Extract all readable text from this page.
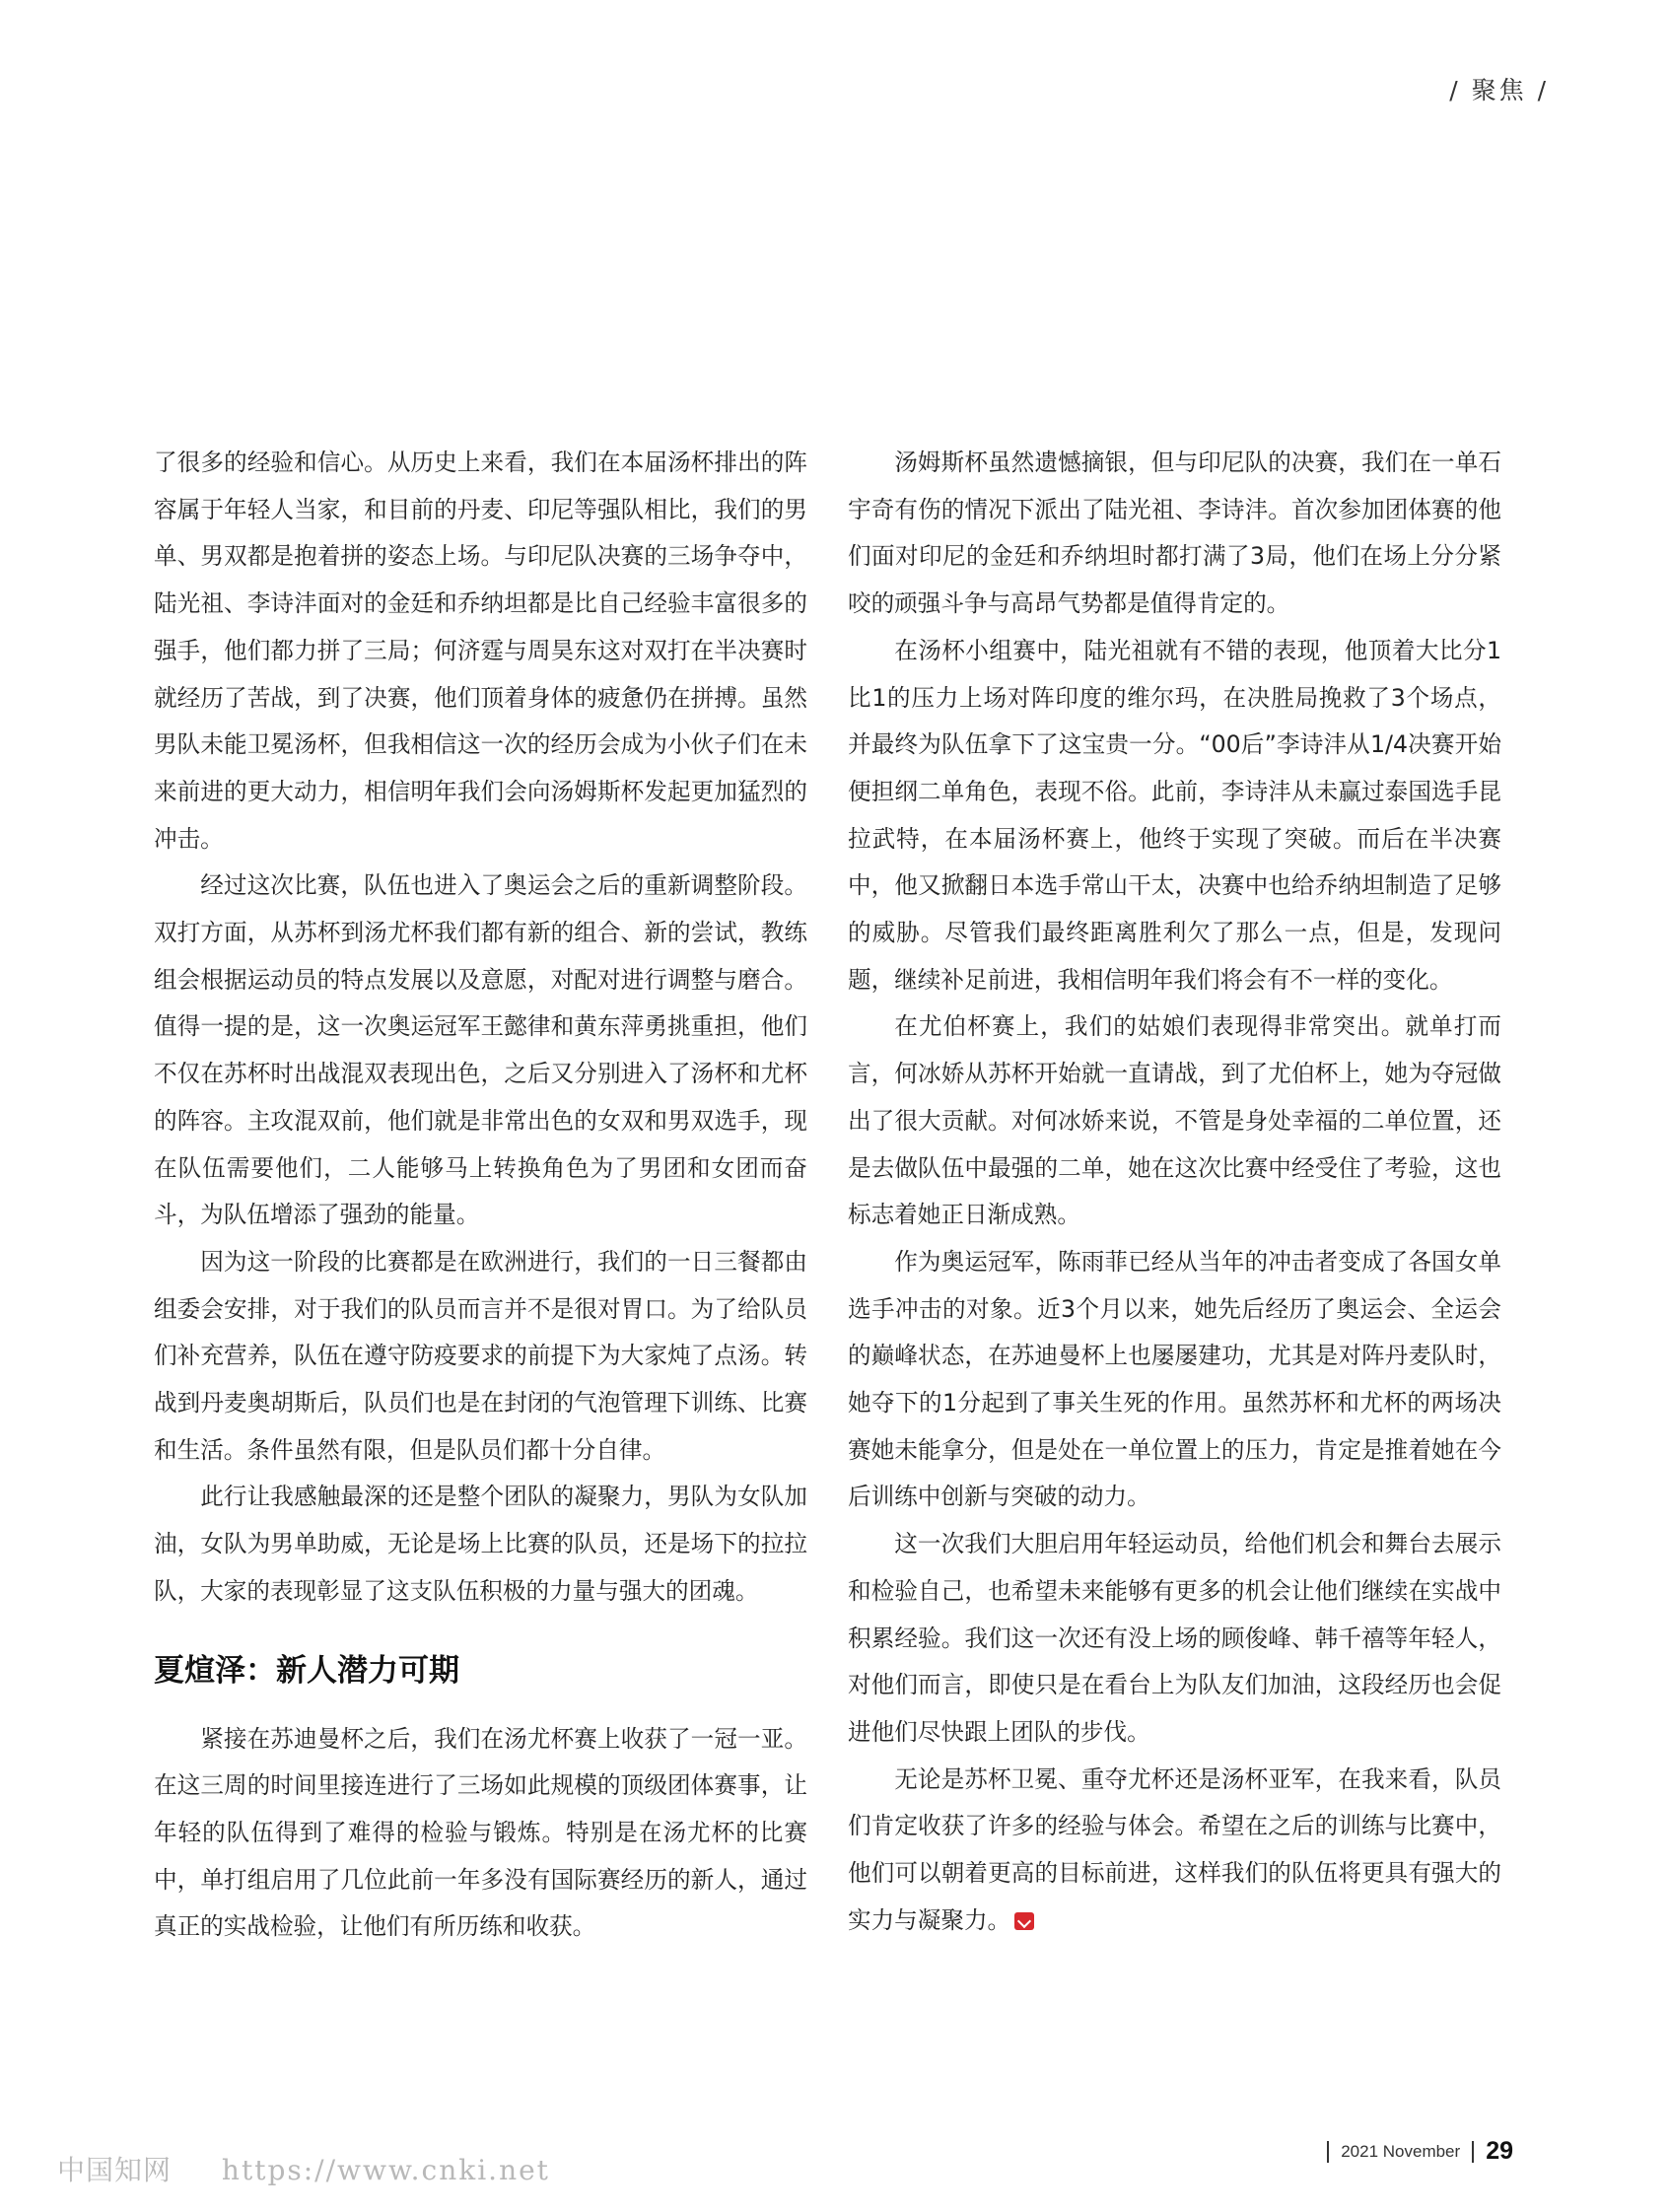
/ 聚焦 /

了很多的经验和信心。从历史上来看，我们在本届汤杯排出的阵容属于年轻人当家，和目前的丹麦、印尼等强队相比，我们的男单、男双都是抱着拼的姿态上场。与印尼队决赛的三场争夺中，陆光祖、李诗沣面对的金廷和乔纳坦都是比自己经验丰富很多的强手，他们都力拼了三局；何济霆与周昊东这对双打在半决赛时就经历了苦战，到了决赛，他们顶着身体的疲惫仍在拼搏。虽然男队未能卫冕汤杯，但我相信这一次的经历会成为小伙子们在未来前进的更大动力，相信明年我们会向汤姆斯杯发起更加猛烈的冲击。

经过这次比赛，队伍也进入了奥运会之后的重新调整阶段。双打方面，从苏杯到汤尤杯我们都有新的组合、新的尝试，教练组会根据运动员的特点发展以及意愿，对配对进行调整与磨合。值得一提的是，这一次奥运冠军王懿律和黄东萍勇挑重担，他们不仅在苏杯时出战混双表现出色，之后又分别进入了汤杯和尤杯的阵容。主攻混双前，他们就是非常出色的女双和男双选手，现在队伍需要他们，二人能够马上转换角色为了男团和女团而奋斗，为队伍增添了强劲的能量。

因为这一阶段的比赛都是在欧洲进行，我们的一日三餐都由组委会安排，对于我们的队员而言并不是很对胃口。为了给队员们补充营养，队伍在遵守防疫要求的前提下为大家炖了点汤。转战到丹麦奥胡斯后，队员们也是在封闭的气泡管理下训练、比赛和生活。条件虽然有限，但是队员们都十分自律。

此行让我感触最深的还是整个团队的凝聚力，男队为女队加油，女队为男单助威，无论是场上比赛的队员，还是场下的拉拉队，大家的表现彰显了这支队伍积极的力量与强大的团魂。

夏煊泽：新人潜力可期

紧接在苏迪曼杯之后，我们在汤尤杯赛上收获了一冠一亚。在这三周的时间里接连进行了三场如此规模的顶级团体赛事，让年轻的队伍得到了难得的检验与锻炼。特别是在汤尤杯的比赛中，单打组启用了几位此前一年多没有国际赛经历的新人，通过真正的实战检验，让他们有所历练和收获。

汤姆斯杯虽然遗憾摘银，但与印尼队的决赛，我们在一单石宇奇有伤的情况下派出了陆光祖、李诗沣。首次参加团体赛的他们面对印尼的金廷和乔纳坦时都打满了3局，他们在场上分分紧咬的顽强斗争与高昂气势都是值得肯定的。

在汤杯小组赛中，陆光祖就有不错的表现，他顶着大比分1比1的压力上场对阵印度的维尔玛，在决胜局挽救了3个场点，并最终为队伍拿下了这宝贵一分。“00后”李诗沣从1/4决赛开始便担纲二单角色，表现不俗。此前，李诗沣从未赢过泰国选手昆拉武特，在本届汤杯赛上，他终于实现了突破。而后在半决赛中，他又掀翻日本选手常山干太，决赛中也给乔纳坦制造了足够的威胁。尽管我们最终距离胜利欠了那么一点，但是，发现问题，继续补足前进，我相信明年我们将会有不一样的变化。

在尤伯杯赛上，我们的姑娘们表现得非常突出。就单打而言，何冰娇从苏杯开始就一直请战，到了尤伯杯上，她为夺冠做出了很大贡献。对何冰娇来说，不管是身处幸福的二单位置，还是去做队伍中最强的二单，她在这次比赛中经受住了考验，这也标志着她正日渐成熟。

作为奥运冠军，陈雨菲已经从当年的冲击者变成了各国女单选手冲击的对象。近3个月以来，她先后经历了奥运会、全运会的巅峰状态，在苏迪曼杯上也屡屡建功，尤其是对阵丹麦队时，她夺下的1分起到了事关生死的作用。虽然苏杯和尤杯的两场决赛她未能拿分，但是处在一单位置上的压力，肯定是推着她在今后训练中创新与突破的动力。

这一次我们大胆启用年轻运动员，给他们机会和舞台去展示和检验自己，也希望未来能够有更多的机会让他们继续在实战中积累经验。我们这一次还有没上场的顾俊峰、韩千禧等年轻人，对他们而言，即使只是在看台上为队友们加油，这段经历也会促进他们尽快跟上团队的步伐。

无论是苏杯卫冕、重夺尤杯还是汤杯亚军，在我来看，队员们肯定收获了许多的经验与体会。希望在之后的训练与比赛中，他们可以朝着更高的目标前进，这样我们的队伍将更具有强大的实力与凝聚力。

2021 November 29
中国知网 https://www.cnki.net
